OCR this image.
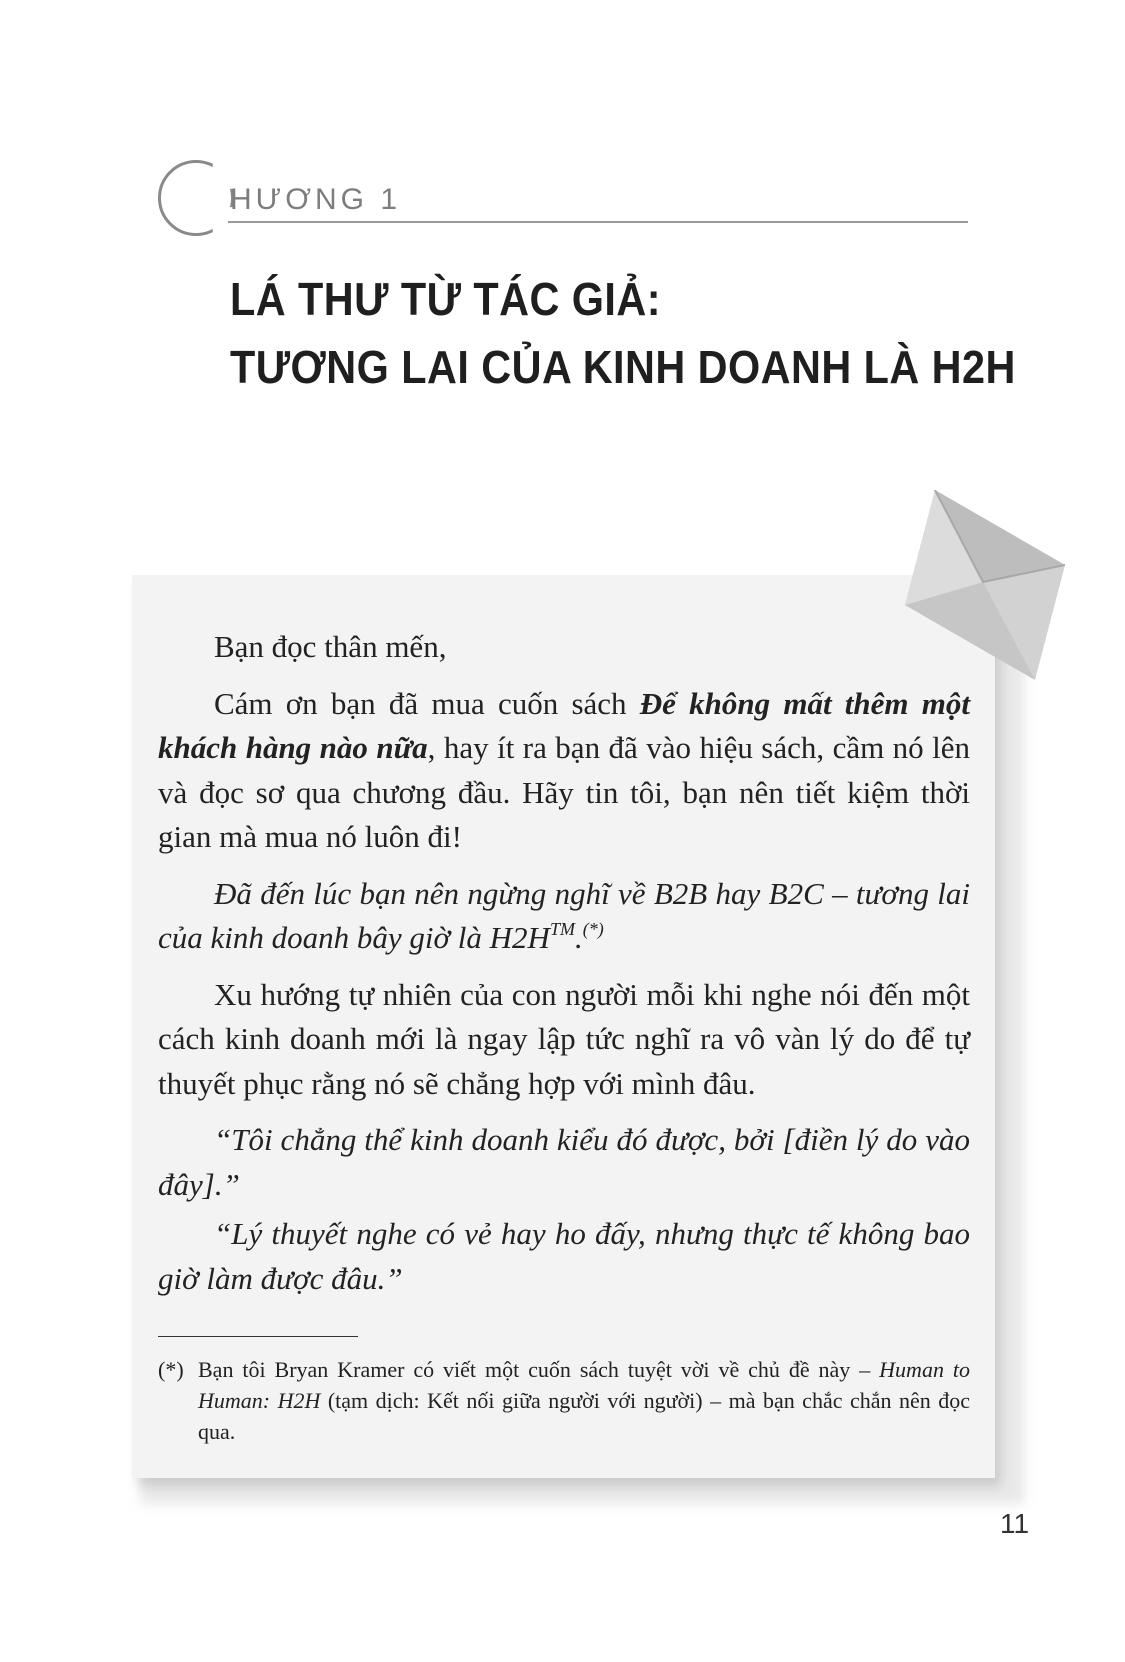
HƯƠNG 1
LÁ THƯ TỪ TÁC GIẢ:
TƯƠNG LAI CỦA KINH DOANH LÀ H2H

Bạn đọc thân mến,

Cám ơn bạn đã mua cuốn sách Để không mất thêm một khách hàng nào nữa, hay ít ra bạn đã vào hiệu sách, cầm nó lên và đọc sơ qua chương đầu. Hãy tin tôi, bạn nên tiết kiệm thời gian mà mua nó luôn đi!

Đã đến lúc bạn nên ngừng nghĩ về B2B hay B2C – tương lai của kinh doanh bây giờ là H2H™.(*)

Xu hướng tự nhiên của con người mỗi khi nghe nói đến một cách kinh doanh mới là ngay lập tức nghĩ ra vô vàn lý do để tự thuyết phục rằng nó sẽ chẳng hợp với mình đâu.

“Tôi chẳng thể kinh doanh kiểu đó được, bởi [điền lý do vào đây].”

“Lý thuyết nghe có vẻ hay ho đấy, nhưng thực tế không bao giờ làm được đâu.”

(*) Bạn tôi Bryan Kramer có viết một cuốn sách tuyệt vời về chủ đề này – Human to Human: H2H (tạm dịch: Kết nối giữa người với người) – mà bạn chắc chắn nên đọc qua.
11
